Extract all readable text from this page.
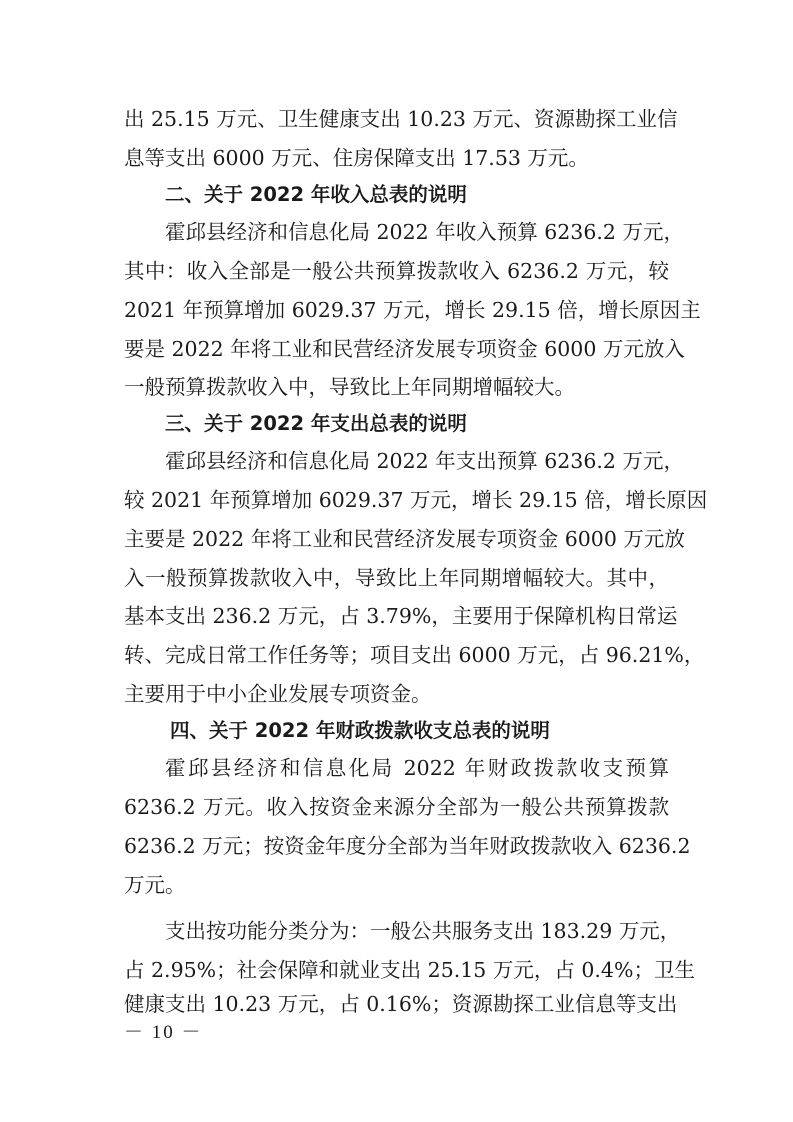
出 25.15 万元、卫生健康支出 10.23 万元、资源勘探工业信
息等支出 6000 万元、住房保障支出 17.53 万元。
二、关于 2022 年收入总表的说明
霍邱县经济和信息化局 2022 年收入预算 6236.2 万元，
其中：收入全部是一般公共预算拨款收入 6236.2 万元，较
2021 年预算增加 6029.37 万元，增长 29.15 倍，增长原因主
要是 2022 年将工业和民营经济发展专项资金 6000 万元放入
一般预算拨款收入中，导致比上年同期增幅较大。
三、关于 2022 年支出总表的说明
霍邱县经济和信息化局 2022 年支出预算 6236.2 万元，
较 2021 年预算增加 6029.37 万元，增长 29.15 倍，增长原因
主要是 2022 年将工业和民营经济发展专项资金 6000 万元放
入一般预算拨款收入中，导致比上年同期增幅较大。其中，
基本支出 236.2 万元，占 3.79%，主要用于保障机构日常运
转、完成日常工作任务等；项目支出 6000 万元，占 96.21%，
主要用于中小企业发展专项资金。
四、关于 2022 年财政拨款收支总表的说明
霍邱县经济和信息化局 2022 年财政拨款收支预算
6236.2 万元。收入按资金来源分全部为一般公共预算拨款
6236.2 万元；按资金年度分全部为当年财政拨款收入 6236.2
万元。
支出按功能分类分为：一般公共服务支出 183.29 万元，
占 2.95%；社会保障和就业支出 25.15 万元，占 0.4%；卫生
健康支出 10.23 万元，占 0.16%；资源勘探工业信息等支出
－ 10 －
